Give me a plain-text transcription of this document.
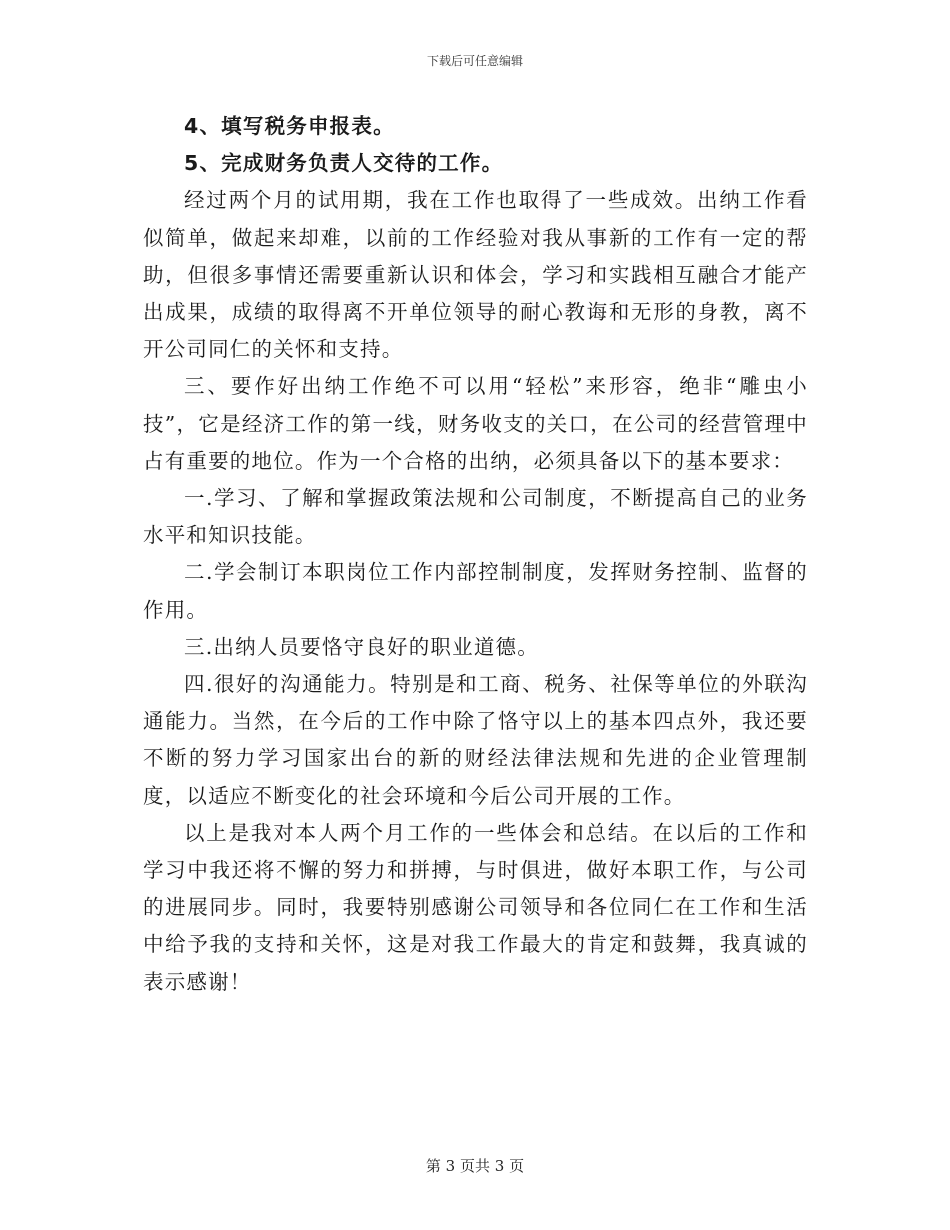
下载后可任意编辑

4、填写税务申报表。

5、完成财务负责人交待的工作。

经过两个月的试用期，我在工作也取得了一些成效。出纳工作看似简单，做起来却难，以前的工作经验对我从事新的工作有一定的帮助，但很多事情还需要重新认识和体会，学习和实践相互融合才能产出成果，成绩的取得离不开单位领导的耐心教诲和无形的身教，离不开公司同仁的关怀和支持。

三、要作好出纳工作绝不可以用“轻松”来形容，绝非“雕虫小技”，它是经济工作的第一线，财务收支的关口，在公司的经营管理中占有重要的地位。作为一个合格的出纳，必须具备以下的基本要求：

一.学习、了解和掌握政策法规和公司制度，不断提高自己的业务水平和知识技能。

二.学会制订本职岗位工作内部控制制度，发挥财务控制、监督的作用。

三.出纳人员要恪守良好的职业道德。

四.很好的沟通能力。特别是和工商、税务、社保等单位的外联沟通能力。当然，在今后的工作中除了恪守以上的基本四点外，我还要不断的努力学习国家出台的新的财经法律法规和先进的企业管理制度，以适应不断变化的社会环境和今后公司开展的工作。

以上是我对本人两个月工作的一些体会和总结。在以后的工作和学习中我还将不懈的努力和拼搏，与时俱进，做好本职工作，与公司的进展同步。同时，我要特别感谢公司领导和各位同仁在工作和生活中给予我的支持和关怀，这是对我工作最大的肯定和鼓舞，我真诚的表示感谢！

第 3 页共 3 页
